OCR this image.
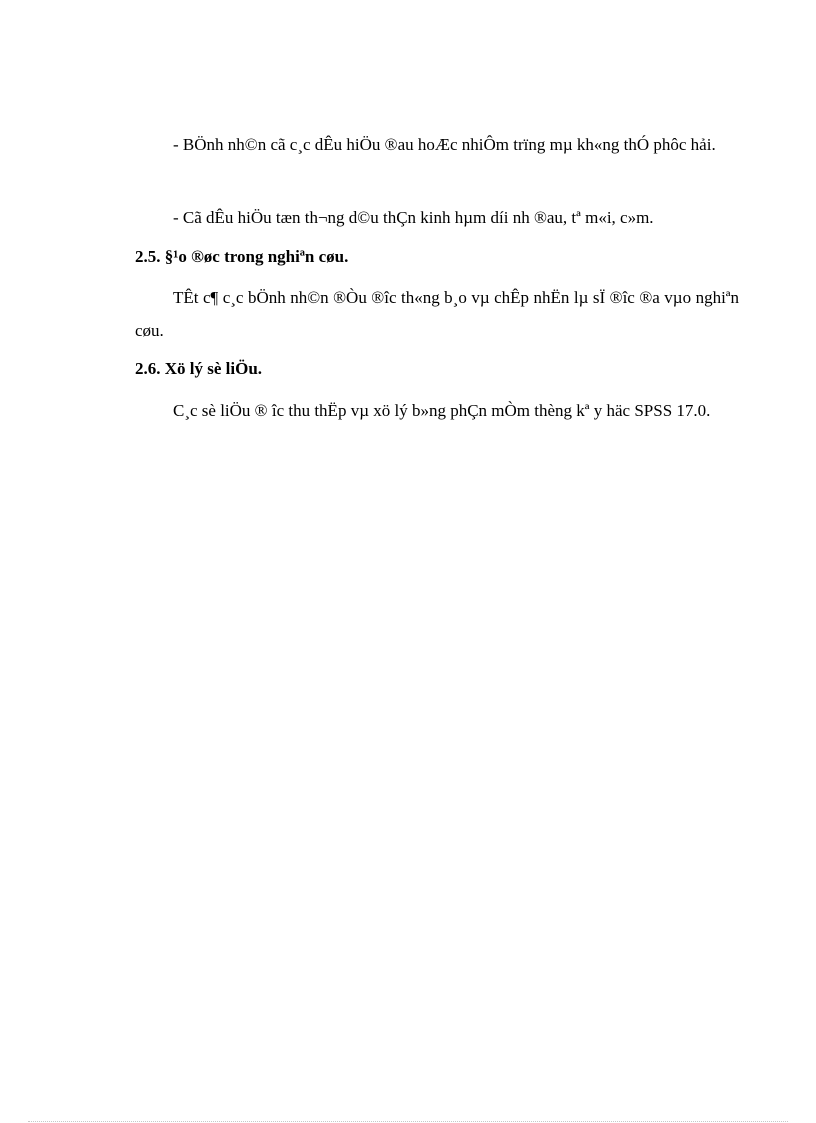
- BÖnh nh©n cã c¸c dÊu hiÖu ®au hoÆc nhiÔm trïng mµ kh«ng thÓ phôc hải.

- Cã dÊu hiÖu tæn th¬ng d©u thÇn kinh hµm díi nh ®au, tª m«i, c»m.

2.5. §¹o ®øc trong nghiªn cøu.

TÊt c¶ c¸c bÖnh nh©n ®Òu ®îc th«ng b¸o vµ chÊp nhËn lµ sÏ ®îc ®a vµo nghiªn cøu.

2.6. Xö lý sè liÖu.

C¸c sè liÖu ® îc thu thËp vµ xö lý b»ng phÇn mÒm thèng kª y häc SPSS 17.0.
